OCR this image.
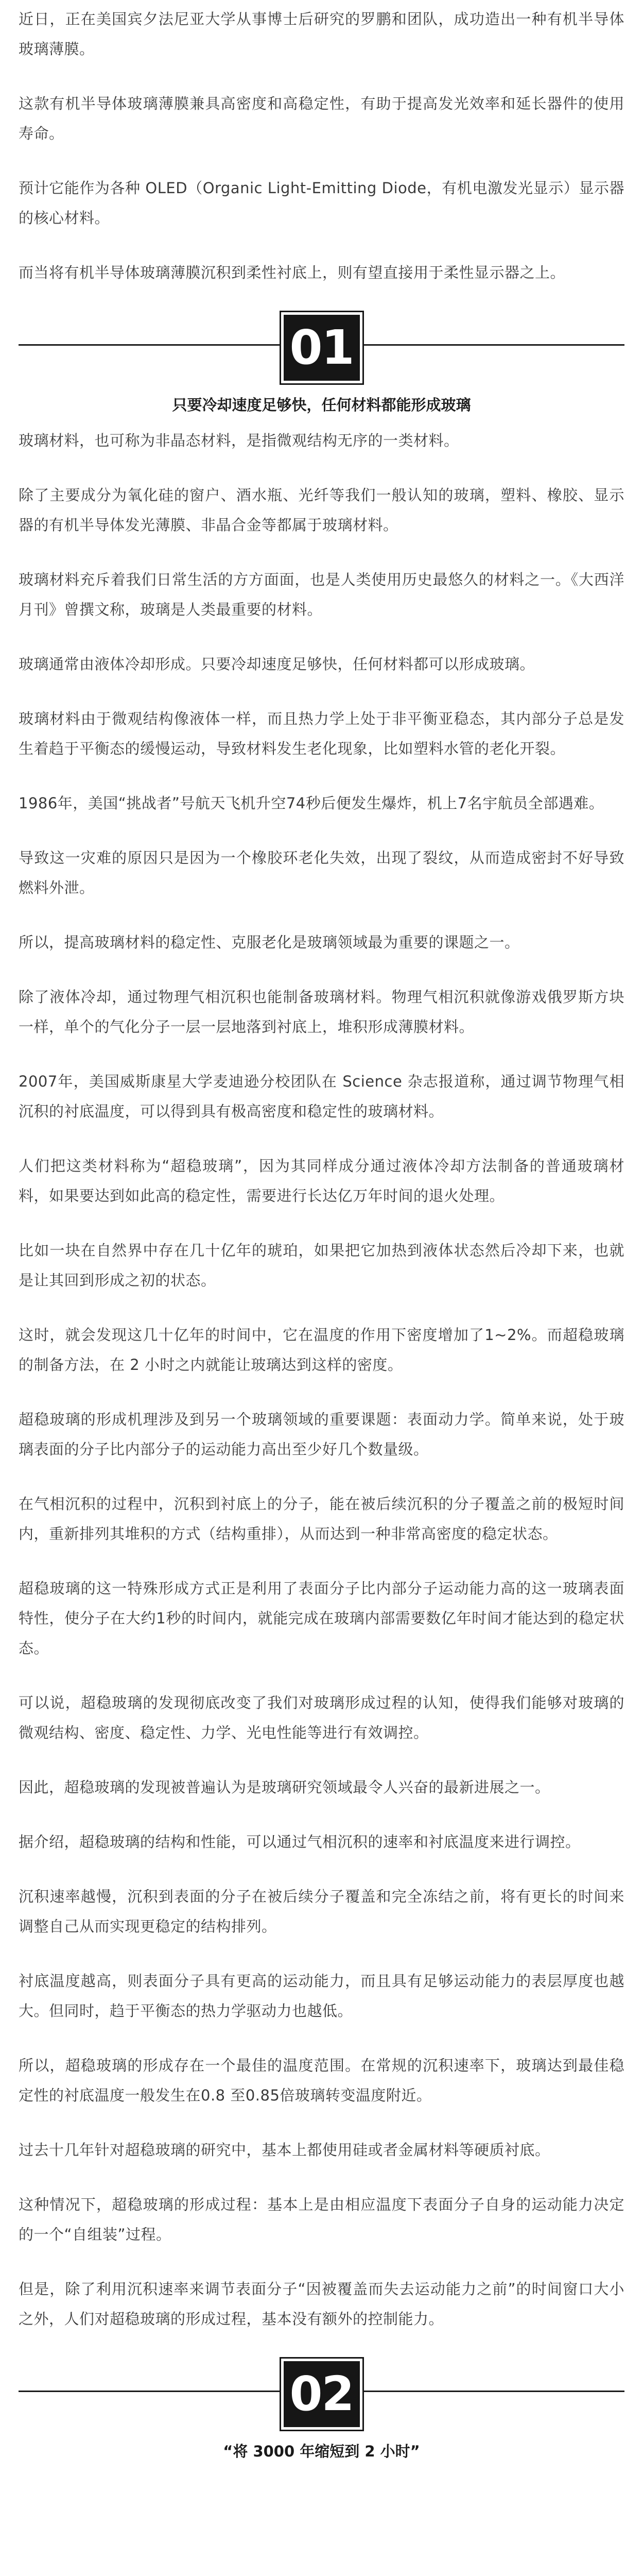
近日，正在美国宾夕法尼亚大学从事博士后研究的罗鹏和团队，成功造出一种有机半导体玻璃薄膜。

这款有机半导体玻璃薄膜兼具高密度和高稳定性，有助于提高发光效率和延长器件的使用寿命。

预计它能作为各种 OLED（Organic Light-Emitting Diode，有机电激发光显示）显示器的核心材料。

而当将有机半导体玻璃薄膜沉积到柔性衬底上，则有望直接用于柔性显示器之上。

01
只要冷却速度足够快，任何材料都能形成玻璃

玻璃材料，也可称为非晶态材料，是指微观结构无序的一类材料。

除了主要成分为氧化硅的窗户、酒水瓶、光纤等我们一般认知的玻璃，塑料、橡胶、显示器的有机半导体发光薄膜、非晶合金等都属于玻璃材料。

玻璃材料充斥着我们日常生活的方方面面，也是人类使用历史最悠久的材料之一。《大西洋月刊》曾撰文称，玻璃是人类最重要的材料。

玻璃通常由液体冷却形成。只要冷却速度足够快，任何材料都可以形成玻璃。

玻璃材料由于微观结构像液体一样，而且热力学上处于非平衡亚稳态，其内部分子总是发生着趋于平衡态的缓慢运动，导致材料发生老化现象，比如塑料水管的老化开裂。

1986年，美国“挑战者”号航天飞机升空74秒后便发生爆炸，机上7名宇航员全部遇难。

导致这一灾难的原因只是因为一个橡胶环老化失效，出现了裂纹，从而造成密封不好导致燃料外泄。

所以，提高玻璃材料的稳定性、克服老化是玻璃领域最为重要的课题之一。

除了液体冷却，通过物理气相沉积也能制备玻璃材料。物理气相沉积就像游戏俄罗斯方块一样，单个的气化分子一层一层地落到衬底上，堆积形成薄膜材料。

2007年，美国威斯康星大学麦迪逊分校团队在 Science 杂志报道称，通过调节物理气相沉积的衬底温度，可以得到具有极高密度和稳定性的玻璃材料。

人们把这类材料称为“超稳玻璃”，因为其同样成分通过液体冷却方法制备的普通玻璃材料，如果要达到如此高的稳定性，需要进行长达亿万年时间的退火处理。

比如一块在自然界中存在几十亿年的琥珀，如果把它加热到液体状态然后冷却下来，也就是让其回到形成之初的状态。

这时，就会发现这几十亿年的时间中，它在温度的作用下密度增加了1~2%。而超稳玻璃的制备方法，在 2 小时之内就能让玻璃达到这样的密度。

超稳玻璃的形成机理涉及到另一个玻璃领域的重要课题：表面动力学。简单来说，处于玻璃表面的分子比内部分子的运动能力高出至少好几个数量级。

在气相沉积的过程中，沉积到衬底上的分子，能在被后续沉积的分子覆盖之前的极短时间内，重新排列其堆积的方式（结构重排），从而达到一种非常高密度的稳定状态。

超稳玻璃的这一特殊形成方式正是利用了表面分子比内部分子运动能力高的这一玻璃表面特性，使分子在大约1秒的时间内，就能完成在玻璃内部需要数亿年时间才能达到的稳定状态。

可以说，超稳玻璃的发现彻底改变了我们对玻璃形成过程的认知，使得我们能够对玻璃的微观结构、密度、稳定性、力学、光电性能等进行有效调控。

因此，超稳玻璃的发现被普遍认为是玻璃研究领域最令人兴奋的最新进展之一。

据介绍，超稳玻璃的结构和性能，可以通过气相沉积的速率和衬底温度来进行调控。

沉积速率越慢，沉积到表面的分子在被后续分子覆盖和完全冻结之前，将有更长的时间来调整自己从而实现更稳定的结构排列。

衬底温度越高，则表面分子具有更高的运动能力，而且具有足够运动能力的表层厚度也越大。但同时，趋于平衡态的热力学驱动力也越低。

所以，超稳玻璃的形成存在一个最佳的温度范围。在常规的沉积速率下，玻璃达到最佳稳定性的衬底温度一般发生在0.8 至0.85倍玻璃转变温度附近。

过去十几年针对超稳玻璃的研究中，基本上都使用硅或者金属材料等硬质衬底。

这种情况下，超稳玻璃的形成过程：基本上是由相应温度下表面分子自身的运动能力决定的一个“自组装”过程。

但是，除了利用沉积速率来调节表面分子“因被覆盖而失去运动能力之前”的时间窗口大小之外，人们对超稳玻璃的形成过程，基本没有额外的控制能力。

02
“将 3000 年缩短到 2 小时”
